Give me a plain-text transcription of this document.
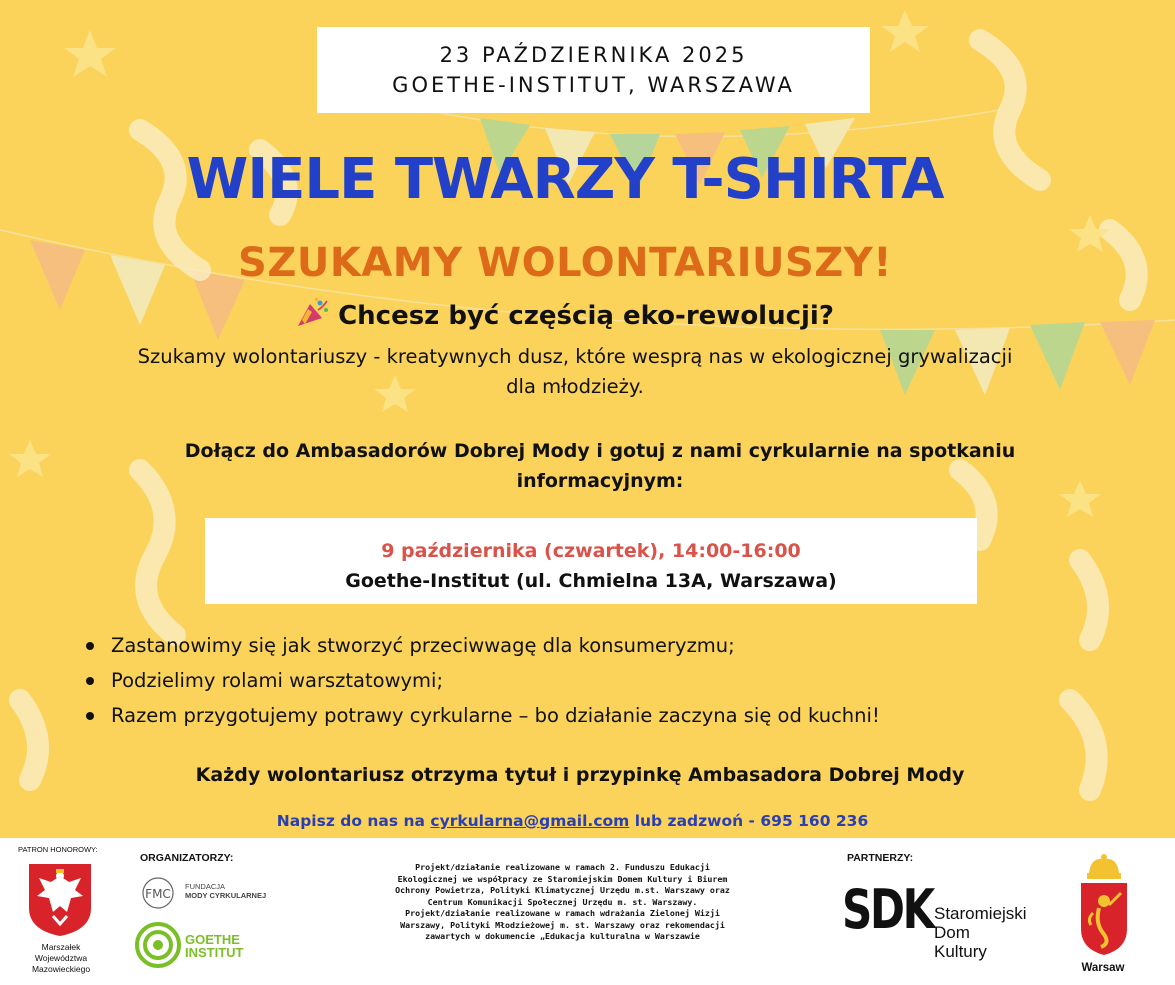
23 PAŹDZIERNIKA 2025
GOETHE-INSTITUT, WARSZAWA
WIELE TWARZY T-SHIRTA
SZUKAMY WOLONTARIUSZY!
Chcesz być częścią eko-rewolucji?
Szukamy wolontariuszy - kreatywnych dusz, które wesprą nas w ekologicznej grywalizacji
dla młodzieży.
Dołącz do Ambasadorów Dobrej Mody i gotuj z nami cyrkularnie na spotkaniu
informacyjnym:
9 października (czwartek), 14:00-16:00
Goethe-Institut (ul. Chmielna 13A, Warszawa)
Zastanowimy się jak stworzyć przeciwwagę dla konsumeryzmu;
Podzielimy rolami warsztatowymi;
Razem przygotujemy potrawy cyrkularne – bo działanie zaczyna się od kuchni!
Każdy wolontariusz otrzyma tytuł i przypinkę Ambasadora Dobrej Mody
Napisz do nas na cyrkularna@gmail.com lub zadzwoń - 695 160 236
PATRON HONOROWY:
Marszałek
Województwa
Mazowieckiego
ORGANIZATORZY:
FMC
FUNDACJA
MODY CYRKULARNEJ
GOETHE
INSTITUT
Projekt/działanie realizowane w ramach 2. Funduszu Edukacji
Ekologicznej we współpracy ze Staromiejskim Domem Kultury i Biurem
Ochrony Powietrza, Polityki Klimatycznej Urzędu m.st. Warszawy oraz
Centrum Komunikacji Społecznej Urzędu m. st. Warszawy.
Projekt/działanie realizowane w ramach wdrażania Zielonej Wizji
Warszawy, Polityki Młodzieżowej m. st. Warszawy oraz rekomendacji
zawartych w dokumencie „Edukacja kulturalna w Warszawie
PARTNERZY:
SDK Staromiejski
Dom
Kultury
Warsaw
